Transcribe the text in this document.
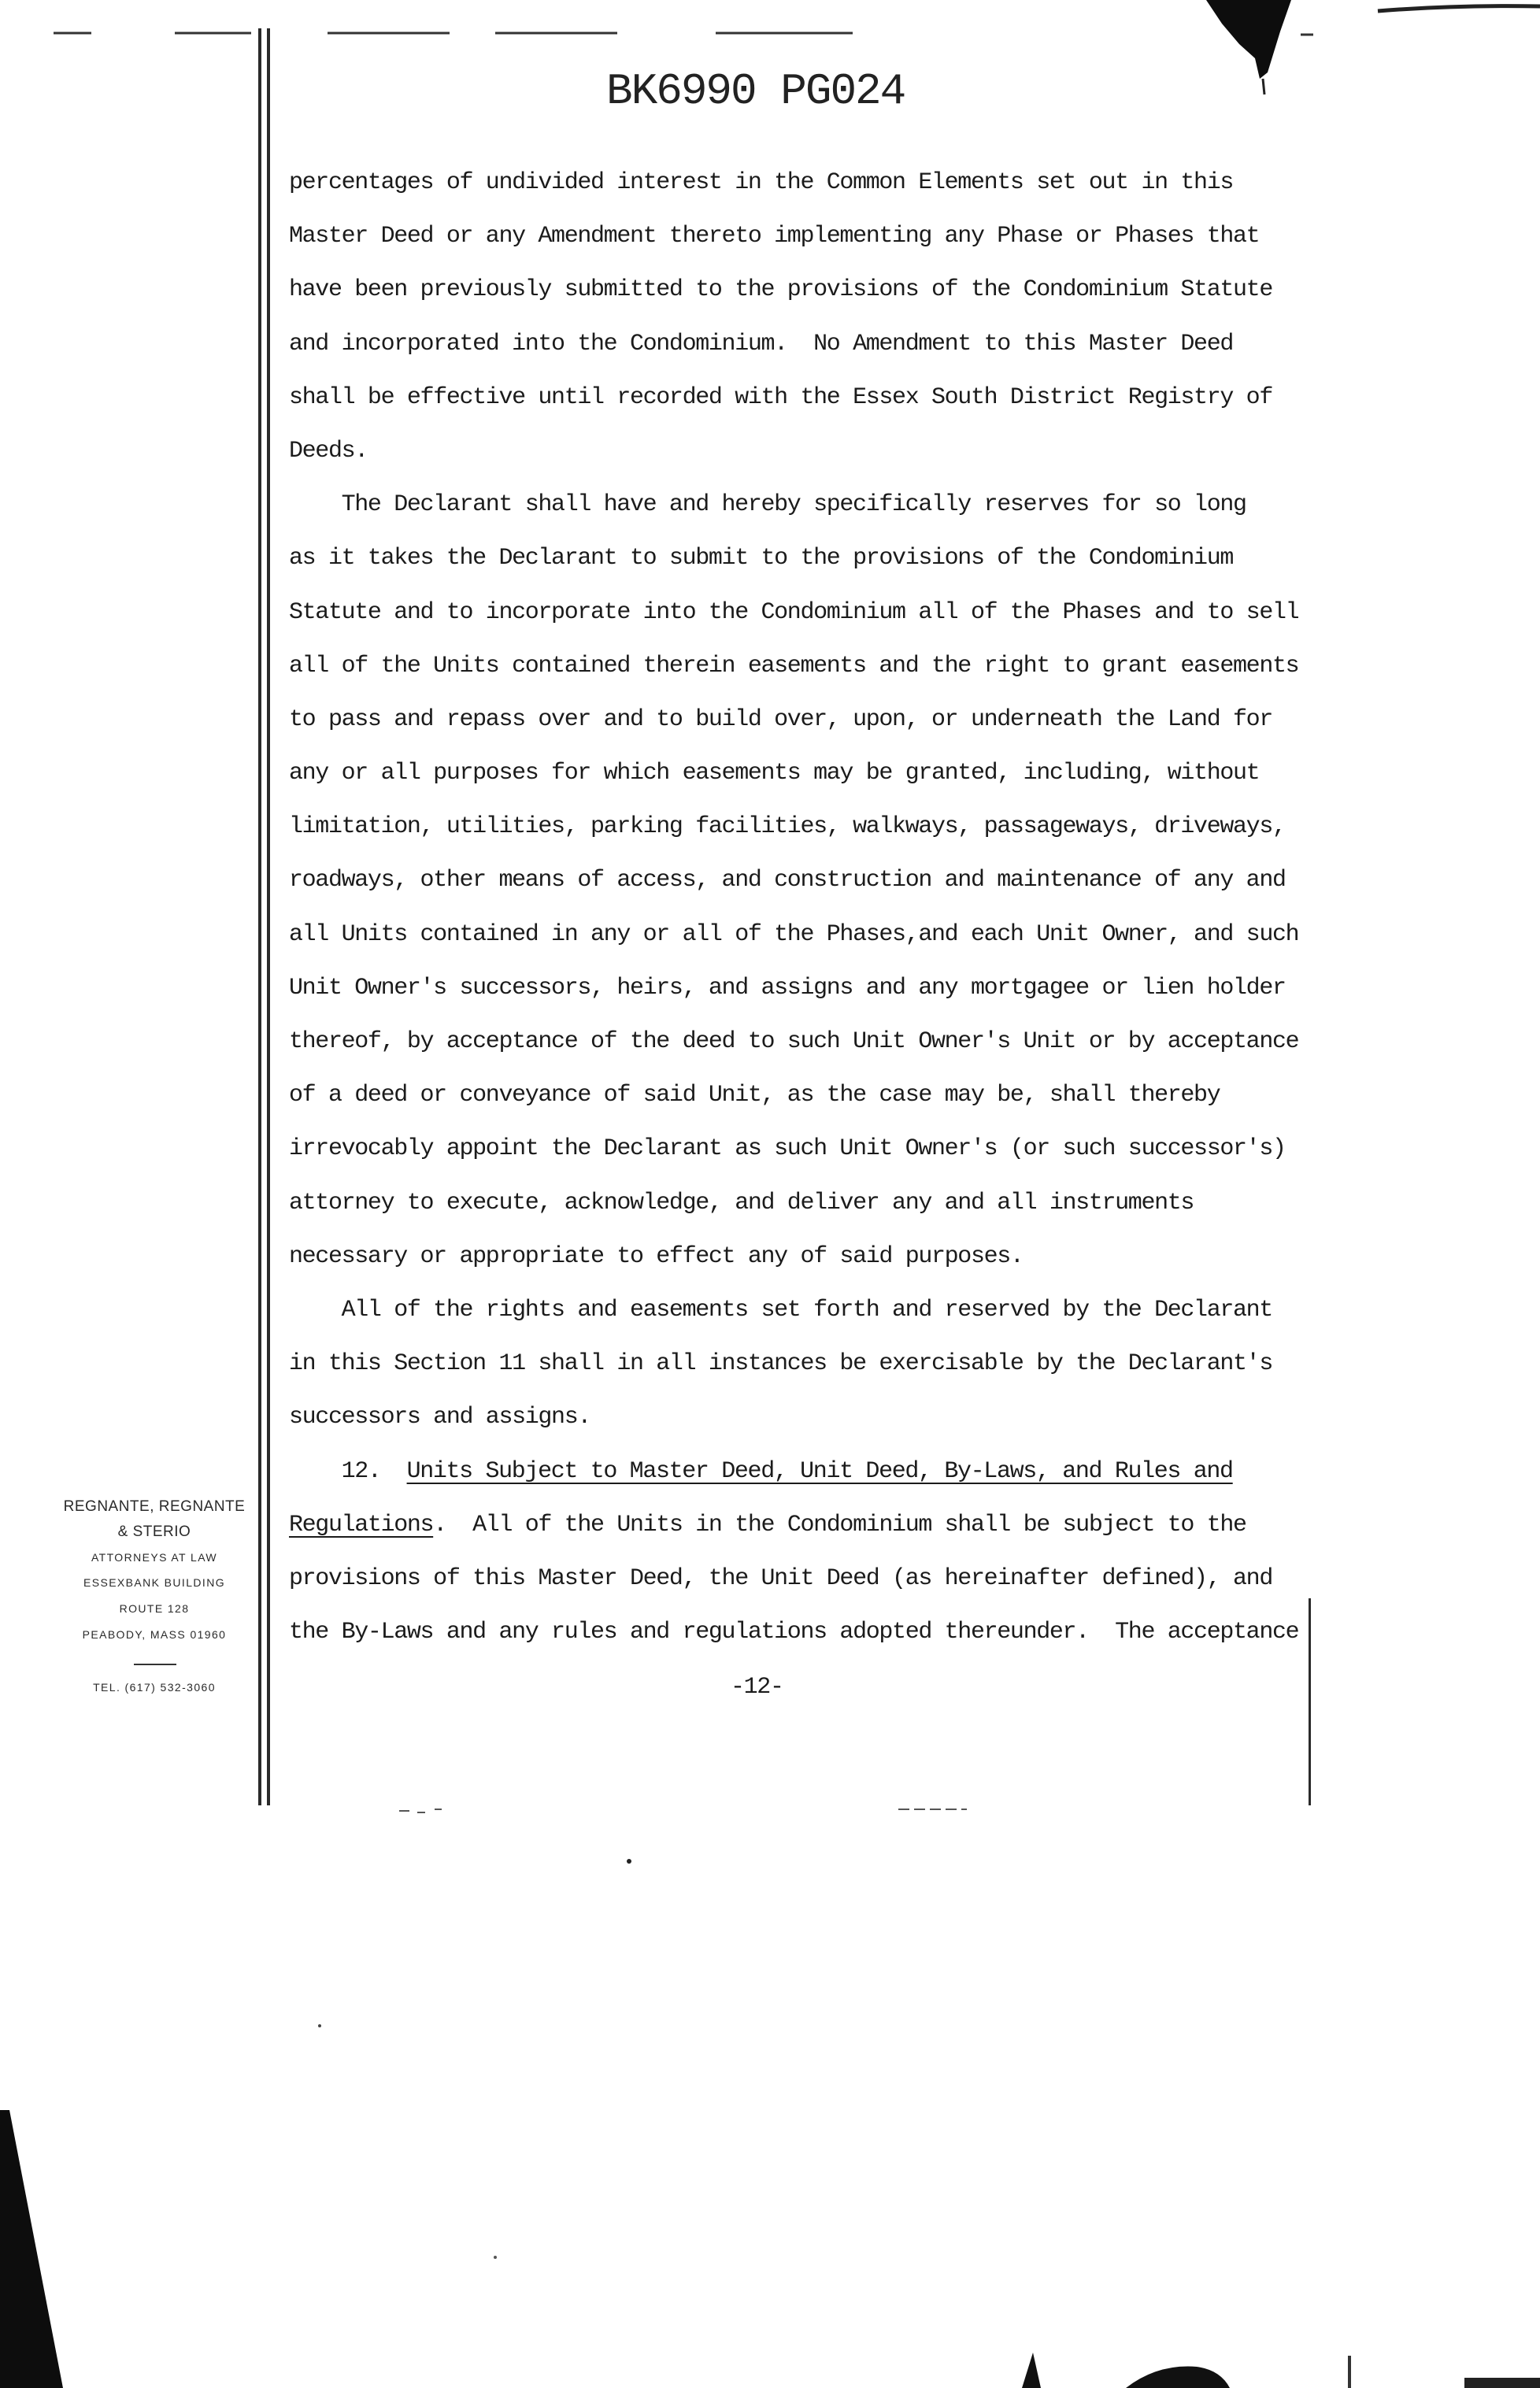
BK6990 PG024
percentages of undivided interest in the Common Elements set out in this
Master Deed or any Amendment thereto implementing any Phase or Phases that
have been previously submitted to the provisions of the Condominium Statute
and incorporated into the Condominium.  No Amendment to this Master Deed
shall be effective until recorded with the Essex South District Registry of
Deeds.
The Declarant shall have and hereby specifically reserves for so long
as it takes the Declarant to submit to the provisions of the Condominium
Statute and to incorporate into the Condominium all of the Phases and to sell
all of the Units contained therein easements and the right to grant easements
to pass and repass over and to build over, upon, or underneath the Land for
any or all purposes for which easements may be granted, including, without
limitation, utilities, parking facilities, walkways, passageways, driveways,
roadways, other means of access, and construction and maintenance of any and
all Units contained in any or all of the Phases,and each Unit Owner, and such
Unit Owner's successors, heirs, and assigns and any mortgagee or lien holder
thereof, by acceptance of the deed to such Unit Owner's Unit or by acceptance
of a deed or conveyance of said Unit, as the case may be, shall thereby
irrevocably appoint the Declarant as such Unit Owner's (or such successor's)
attorney to execute, acknowledge, and deliver any and all instruments
necessary or appropriate to effect any of said purposes.
All of the rights and easements set forth and reserved by the Declarant
in this Section 11 shall in all instances be exercisable by the Declarant's
successors and assigns.
12. Units Subject to Master Deed, Unit Deed, By-Laws, and Rules and
Regulations.  All of the Units in the Condominium shall be subject to the
provisions of this Master Deed, the Unit Deed (as hereinafter defined), and
the By-Laws and any rules and regulations adopted thereunder.  The acceptance
-12-
REGNANTE, REGNANTE
& STERIO
ATTORNEYS AT LAW
ESSEXBANK BUILDING
ROUTE 128
PEABODY, MASS 01960
TEL. (617) 532-3060
